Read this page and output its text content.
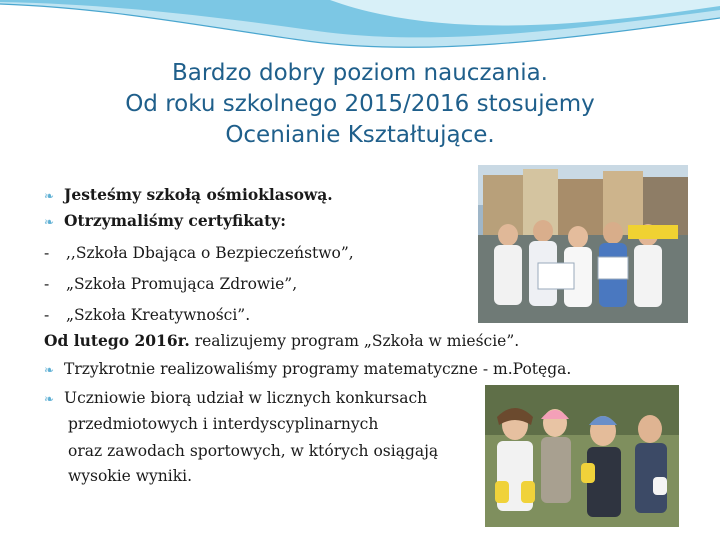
Bardzo dobry poziom nauczania.
Od roku szkolnego 2015/2016 stosujemy
Ocenianie Kształtujące.
❧ Jesteśmy szkołą ośmioklasową.
❧ Otrzymaliśmy certyfikaty:
- ,,Szkoła Dbająca o Bezpieczeństwo”,
- „Szkoła Promująca Zdrowie”,
- „Szkoła Kreatywności”.
Od lutego 2016r. realizujemy program „Szkoła w mieście”.
❧ Trzykrotnie realizowaliśmy programy matematyczne - m.Potęga.
❧ Uczniowie biorą udział w licznych konkursach
przedmiotowych i interdyscyplinarnych
oraz zawodach sportowych, w których osiągają
wysokie wyniki.
